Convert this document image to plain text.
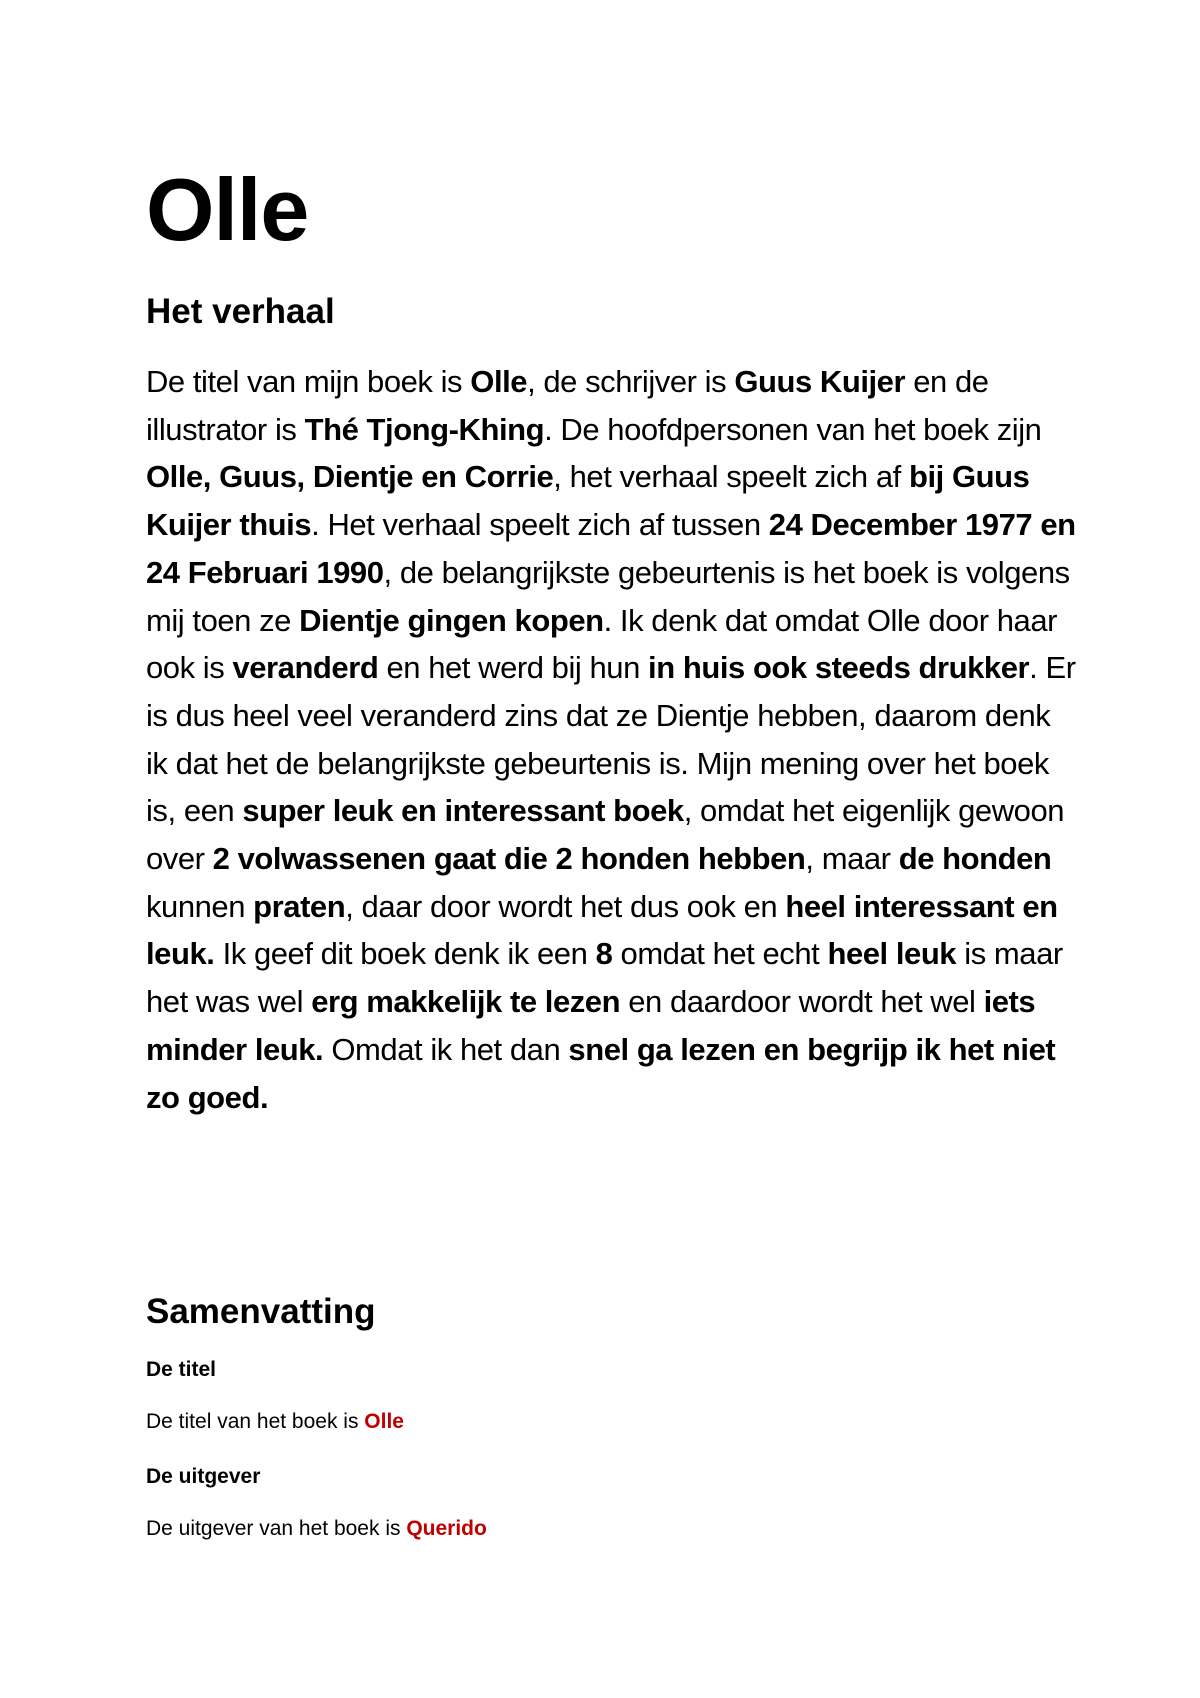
Olle
Het verhaal

De titel van mijn boek is Olle, de schrijver is Guus Kuijer en de illustrator is Thé Tjong-Khing. De hoofdpersonen van het boek zijn Olle, Guus, Dientje en Corrie, het verhaal speelt zich af bij Guus Kuijer thuis. Het verhaal speelt zich af tussen 24 December 1977 en 24 Februari 1990, de belangrijkste gebeurtenis is het boek is volgens mij toen ze Dientje gingen kopen. Ik denk dat omdat Olle door haar ook is veranderd en het werd bij hun in huis ook steeds drukker. Er is dus heel veel veranderd zins dat ze Dientje hebben, daarom denk ik dat het de belangrijkste gebeurtenis is. Mijn mening over het boek is, een super leuk en interessant boek, omdat het eigenlijk gewoon over 2 volwassenen gaat die 2 honden hebben, maar de honden kunnen praten, daar door wordt het dus ook en heel interessant en leuk. Ik geef dit boek denk ik een 8 omdat het echt heel leuk is maar het was wel erg makkelijk te lezen en daardoor wordt het wel iets minder leuk. Omdat ik het dan snel ga lezen en begrijp ik het niet zo goed.

Samenvatting
De titel
De titel van het boek is Olle
De uitgever
De uitgever van het boek is Querido
